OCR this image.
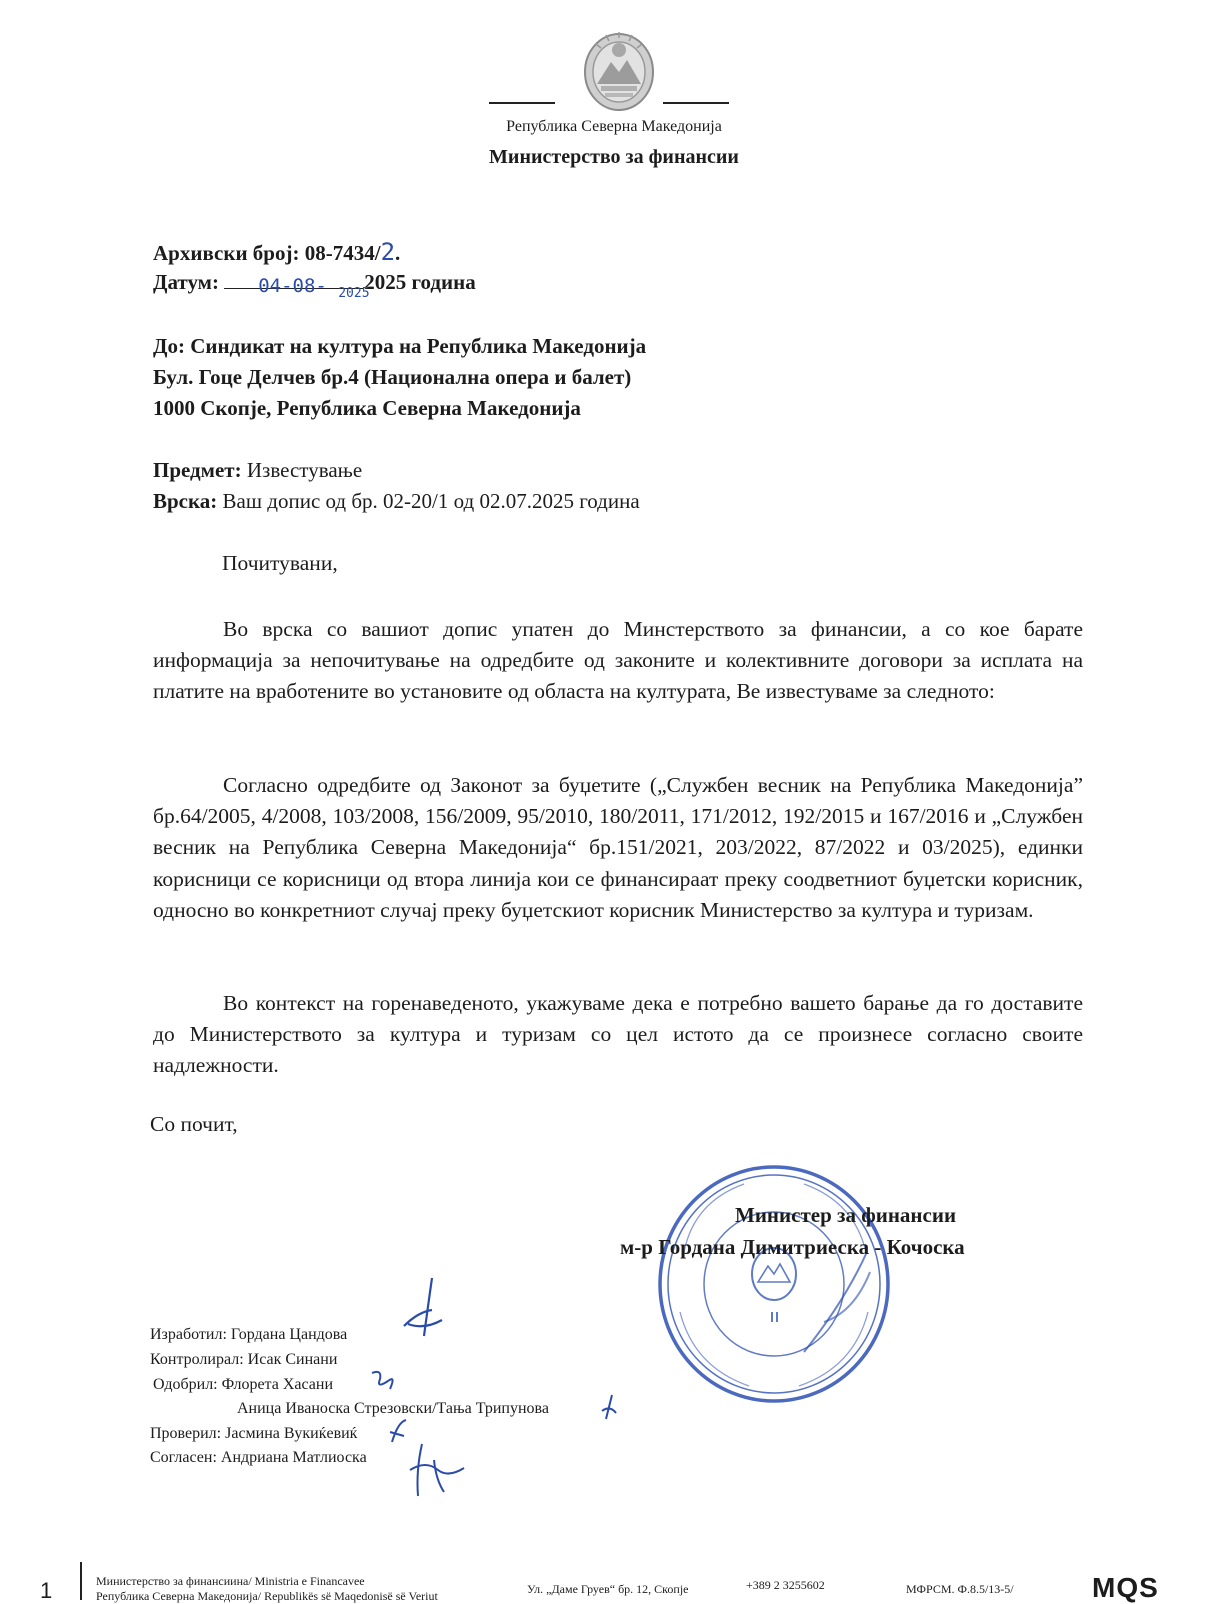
Република Северна Македонија
Министерство за финансии
Архивски број: 08-7434/2.
Датум: 04-08- 2025
2025 година
До: Синдикат на култура на Република Македонија
Бул. Гоце Делчев бр.4 (Национална опера и балет)
1000 Скопје, Република Северна Македонија
Предмет: Известување
Врска: Ваш допис од бр. 02-20/1 од 02.07.2025 година
Почитувани,
Во врска со вашиот допис упатен до Минстерството за финансии, а со кое барате информација за непочитување на одредбите од законите и колективните договори за исплата на платите на вработените во установите од областа на културата, Ве известуваме за следното:
Согласно одредбите од Законот за буџетите („Службен весник на Република Македонија” бр.64/2005, 4/2008, 103/2008, 156/2009, 95/2010, 180/2011, 171/2012, 192/2015 и 167/2016 и „Службен весник на Република Северна Македонија“ бр.151/2021, 203/2022, 87/2022 и 03/2025), единки корисници се корисници од втора линија кои се финансираат преку соодветниот буџетски корисник, односно во конкретниот случај преку буџетскиот корисник Министерство за култура и туризам.
Во контекст на горенаведеното, укажуваме дека е потребно вашето барање да го доставите до Министерството за култура и туризам со цел истото да се произнесе согласно своите надлежности.
Со почит,
Министер за финансии
м-р Гордана Димитриеска - Кочоска
Изработил: Гордана Цандова
Контролирал: Исак Синани
Одобрил: Флорета Хасани
Аница Иваноска Стрезовски/Тања Трипунова
Проверил: Јасмина Вукиќевиќ
Согласен: Андриана Матлиоска
1	Министерство за финансиина/ Ministria e Financavee
Република Северна Македонија/ Republikës së Maqedonisë së Veriut	Ул. „Даме Груев“ бр. 12, Скопје	+389 2 3255602	МФРСМ. Ф.8.5/13-5/	MQS
